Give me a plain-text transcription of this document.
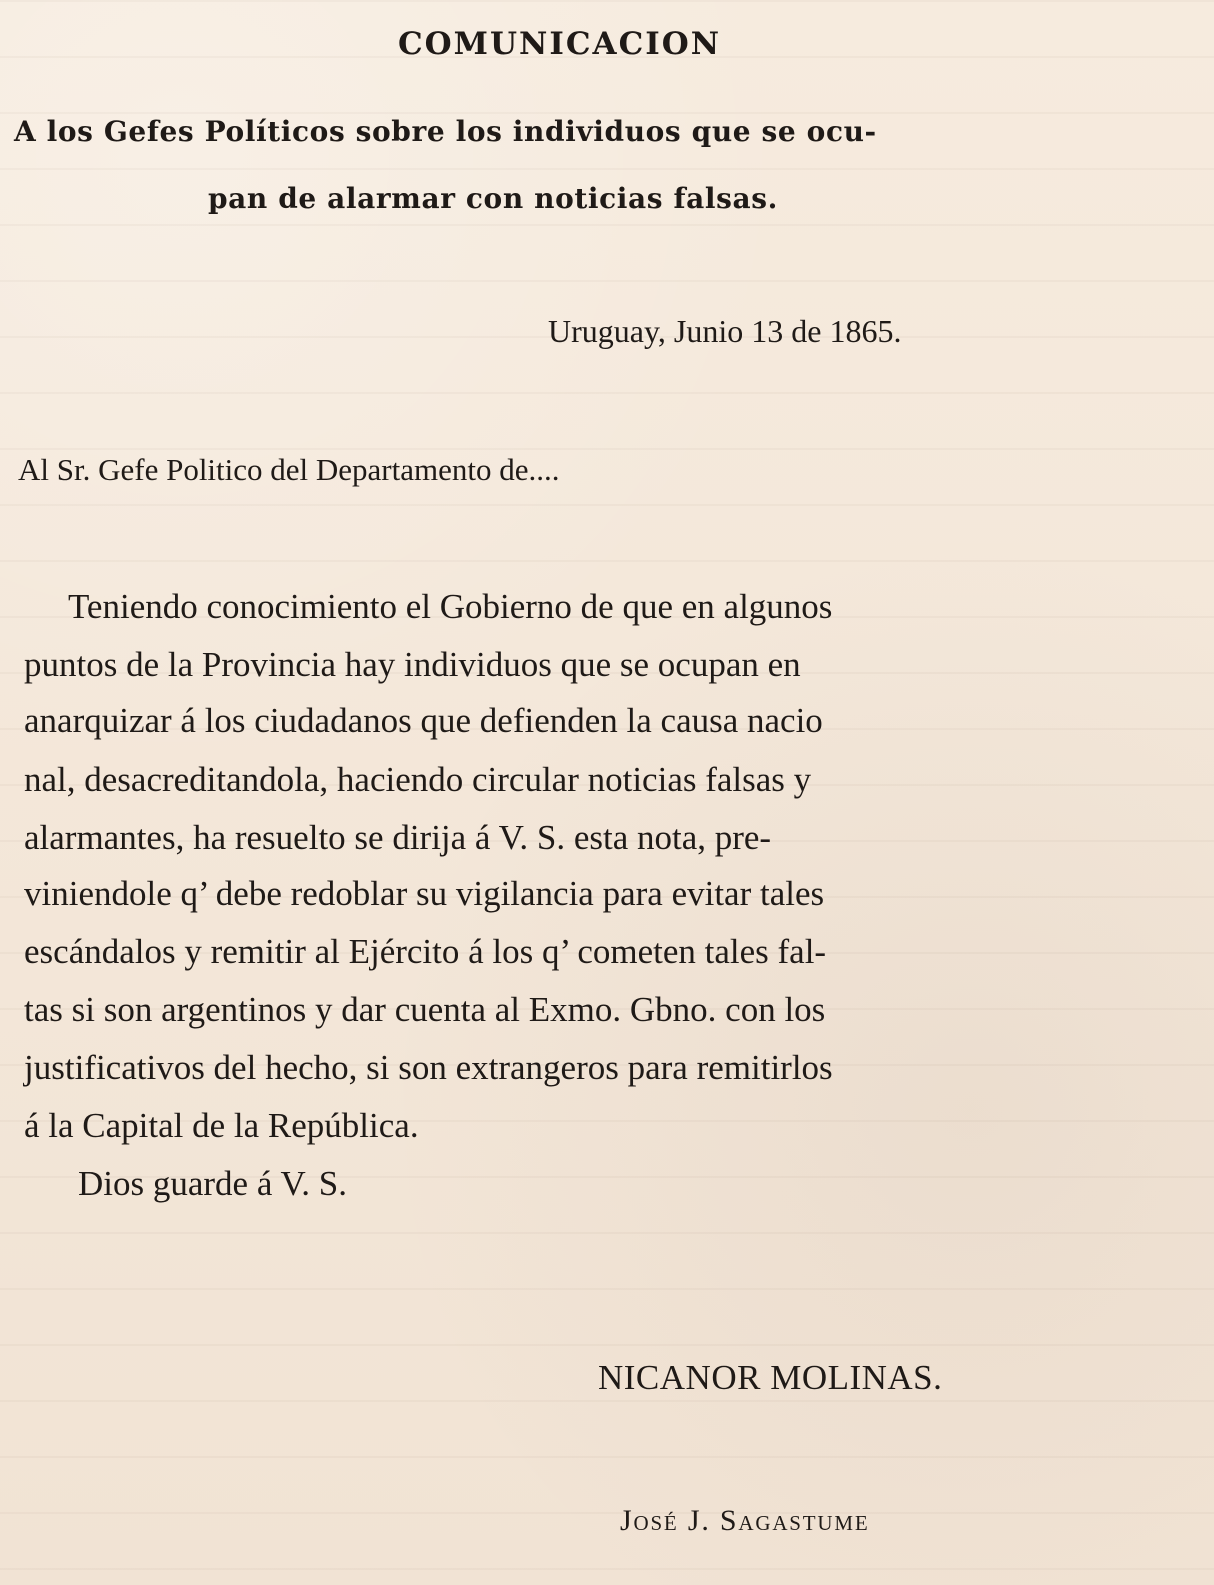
COMUNICACION
A los Gefes Políticos sobre los individuos que se ocu-
pan de alarmar con noticias falsas.
Uruguay, Junio 13 de 1865.
Al Sr. Gefe Politico del Departamento de....
Teniendo conocimiento el Gobierno de que en algunos
puntos de la Provincia hay individuos que se ocupan en
anarquizar á los ciudadanos que defienden la causa nacio
nal, desacreditandola, haciendo circular noticias falsas y
alarmantes, ha resuelto se dirija á V. S. esta nota, pre-
viniendole q’ debe redoblar su vigilancia para evitar tales
escándalos y remitir al Ejército á los q’ cometen tales fal-
tas si son argentinos y dar cuenta al Exmo. Gbno. con los
justificativos del hecho, si son extrangeros para remitirlos
á la Capital de la República.
Dios guarde á V. S.
NICANOR MOLINAS.
José J. Sagastume
